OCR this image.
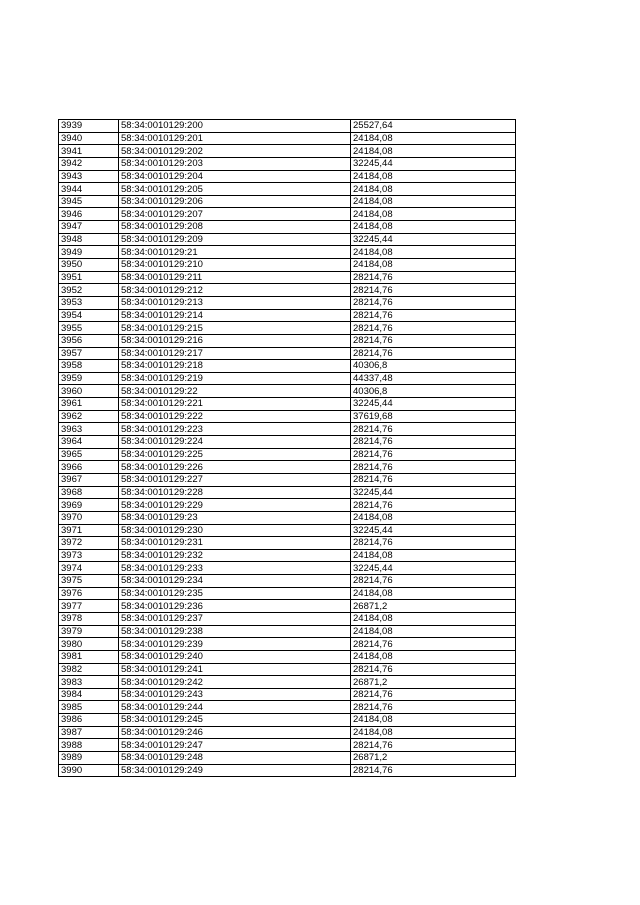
3939	58:34:0010129:200	25527,64
3940	58:34:0010129:201	24184,08
3941	58:34:0010129:202	24184,08
3942	58:34:0010129:203	32245,44
3943	58:34:0010129:204	24184,08
3944	58:34:0010129:205	24184,08
3945	58:34:0010129:206	24184,08
3946	58:34:0010129:207	24184,08
3947	58:34:0010129:208	24184,08
3948	58:34:0010129:209	32245,44
3949	58:34:0010129:21	24184,08
3950	58:34:0010129:210	24184,08
3951	58:34:0010129:211	28214,76
3952	58:34:0010129:212	28214,76
3953	58:34:0010129:213	28214,76
3954	58:34:0010129:214	28214,76
3955	58:34:0010129:215	28214,76
3956	58:34:0010129:216	28214,76
3957	58:34:0010129:217	28214,76
3958	58:34:0010129:218	40306,8
3959	58:34:0010129:219	44337,48
3960	58:34:0010129:22	40306,8
3961	58:34:0010129:221	32245,44
3962	58:34:0010129:222	37619,68
3963	58:34:0010129:223	28214,76
3964	58:34:0010129:224	28214,76
3965	58:34:0010129:225	28214,76
3966	58:34:0010129:226	28214,76
3967	58:34:0010129:227	28214,76
3968	58:34:0010129:228	32245,44
3969	58:34:0010129:229	28214,76
3970	58:34:0010129:23	24184,08
3971	58:34:0010129:230	32245,44
3972	58:34:0010129:231	28214,76
3973	58:34:0010129:232	24184,08
3974	58:34:0010129:233	32245,44
3975	58:34:0010129:234	28214,76
3976	58:34:0010129:235	24184,08
3977	58:34:0010129:236	26871,2
3978	58:34:0010129:237	24184,08
3979	58:34:0010129:238	24184,08
3980	58:34:0010129:239	28214,76
3981	58:34:0010129:240	24184,08
3982	58:34:0010129:241	28214,76
3983	58:34:0010129:242	26871,2
3984	58:34:0010129:243	28214,76
3985	58:34:0010129:244	28214,76
3986	58:34:0010129:245	24184,08
3987	58:34:0010129:246	24184,08
3988	58:34:0010129:247	28214,76
3989	58:34:0010129:248	26871,2
3990	58:34:0010129:249	28214,76
